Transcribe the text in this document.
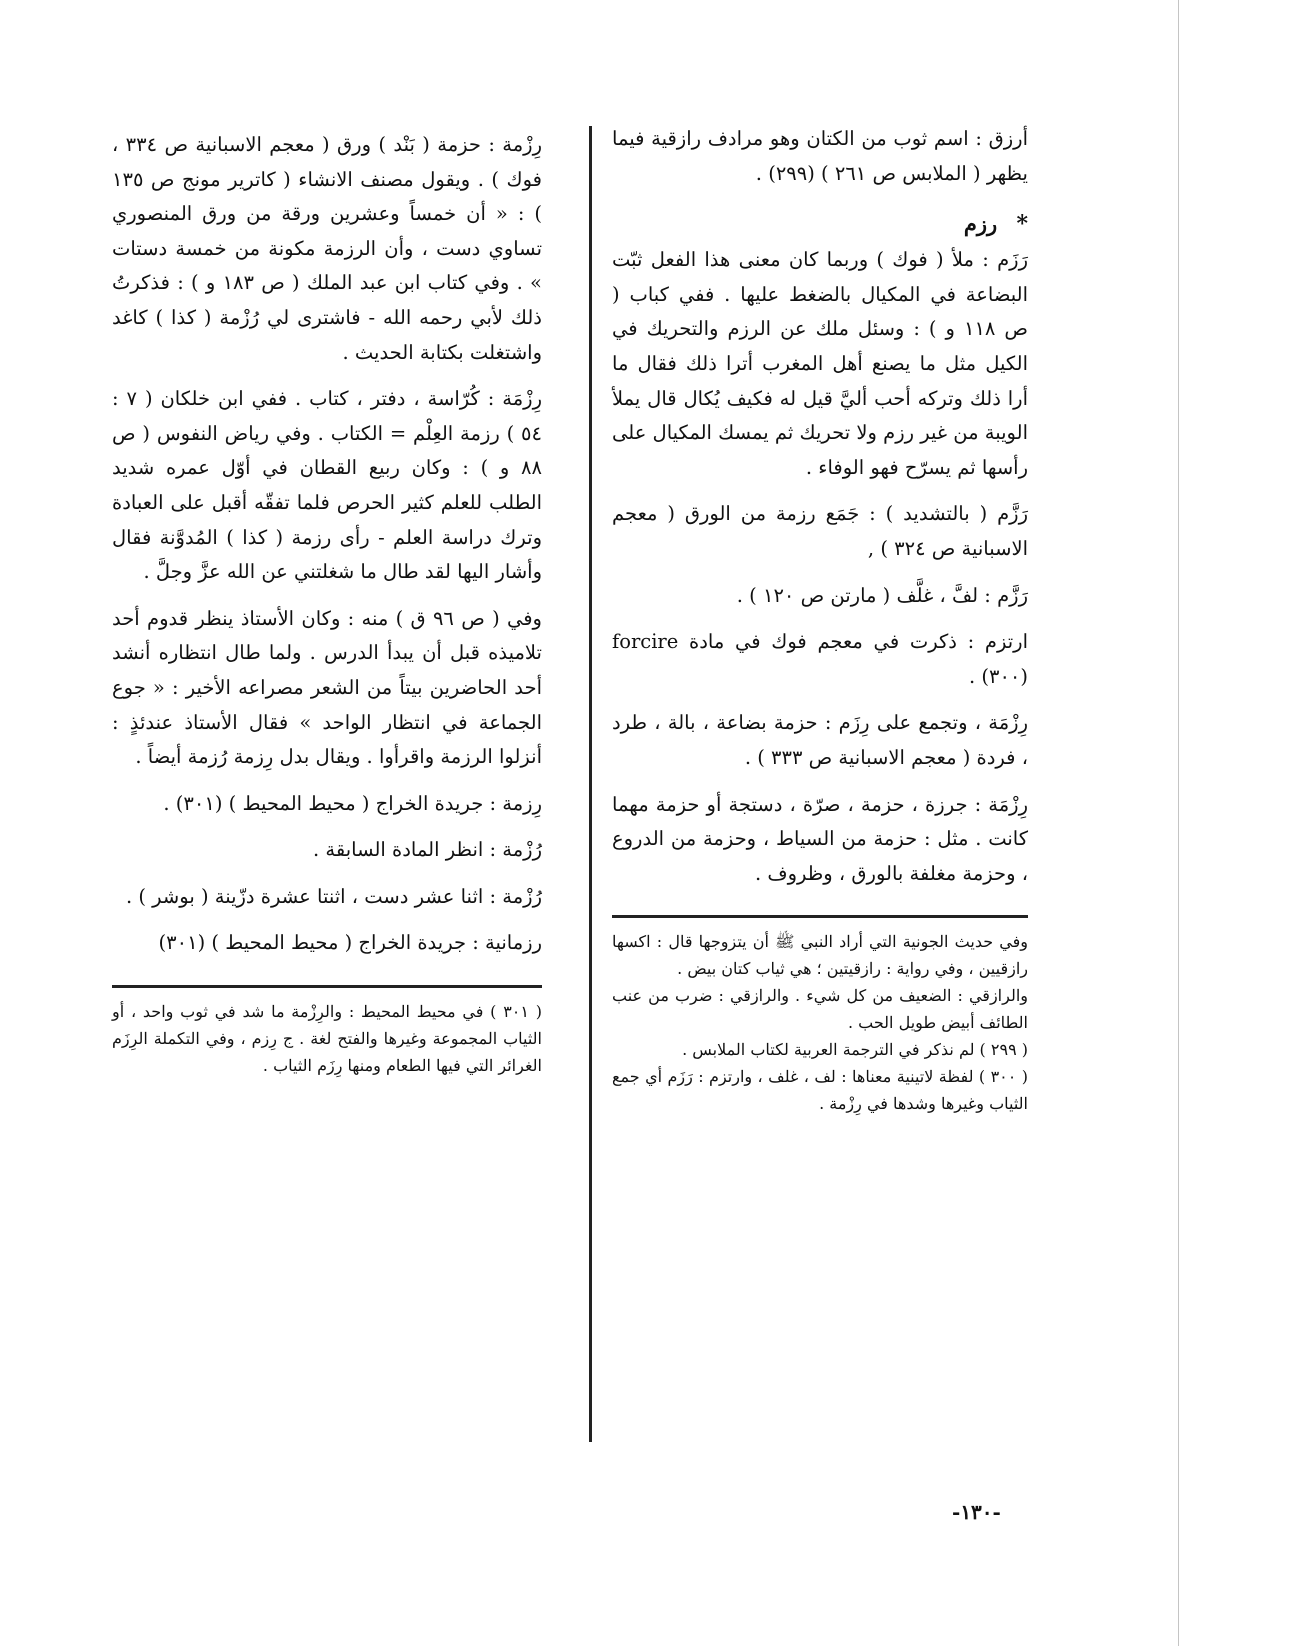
أرزق : اسم ثوب من الكتان وهو مرادف رازقية فيما يظهر ( الملابس ص ٢٦١ ) (٢٩٩) .

* رزم

رَزَم : ملأ ( فوك ) وربما كان معنى هذا الفعل ثبّت البضاعة في المكيال بالضغط عليها . ففي كباب ( ص ١١٨ و ) : وسئل ملك عن الرزم والتحريك في الكيل مثل ما يصنع أهل المغرب أترا ذلك فقال ما أرا ذلك وتركه أحب أليَّ قيل له فكيف يُكال قال يملأ الويبة من غير رزم ولا تحريك ثم يمسك المكيال على رأسها ثم يسرّح فهو الوفاء .

رَزَّم ( بالتشديد ) : جَمَع رزمة من الورق ( معجم الاسبانية ص ٣٢٤ ) ,

رَزَّم : لفَّ ، غلَّف ( مارتن ص ١٢٠ ) .

ارتزم : ذكرت في معجم فوك في مادة forcire (٣٠٠) .

رِزْمَة ، وتجمع على رِزَم : حزمة بضاعة ، بالة ، طرد ، فردة ( معجم الاسبانية ص ٣٣٣ ) .

رِزْمَة : جرزة ، حزمة ، صرّة ، دستجة أو حزمة مهما كانت . مثل : حزمة من السياط ، وحزمة من الدروع ، وحزمة مغلفة بالورق ، وظروف .

وفي حديث الجونية التي أراد النبي ﷺ أن يتزوجها قال : اكسها رازقيين ، وفي رواية : رازقيتين ؛ هي ثياب كتان بيض .

والرازقي : الضعيف من كل شيء . والرازقي : ضرب من عنب الطائف أبيض طويل الحب .

( ٢٩٩ ) لم نذكر في الترجمة العربية لكتاب الملابس .

( ٣٠٠ ) لفظة لاتينية معناها : لف ، غلف ، وارتزم : رَزَم أي جمع الثياب وغيرها وشدها في رِزْمة .

رِزْمة : حزمة ( بَنْد ) ورق ( معجم الاسبانية ص ٣٣٤ ، فوك ) . ويقول مصنف الانشاء ( كاترير مونج ص ١٣٥ ) : « أن خمساً وعشرين ورقة من ورق المنصوري تساوي دست ، وأن الرزمة مكونة من خمسة دستات » . وفي كتاب ابن عبد الملك ( ص ١٨٣ و ) : فذكرتُ ذلك لأبي رحمه الله - فاشترى لي رُزْمة ( كذا ) كاغد واشتغلت بكتابة الحديث .

رِزْمَة : كُرّاسة ، دفتر ، كتاب . ففي ابن خلكان ( ٧ : ٥٤ ) رزمة العِلْم = الكتاب . وفي رياض النفوس ( ص ٨٨ و ) : وكان ربيع القطان في أوّل عمره شديد الطلب للعلم كثير الحرص فلما تفقّه أقبل على العبادة وترك دراسة العلم - رأى رزمة ( كذا ) المُدوَّنة فقال وأشار اليها لقد طال ما شغلتني عن الله عزَّ وجلَّ .

وفي ( ص ٩٦ ق ) منه : وكان الأستاذ ينظر قدوم أحد تلاميذه قبل أن يبدأ الدرس . ولما طال انتظاره أنشد أحد الحاضرين بيتاً من الشعر مصراعه الأخير : « جوع الجماعة في انتظار الواحد » فقال الأستاذ عندئذٍ : أنزلوا الرزمة واقرأوا . ويقال بدل رِزمة رُزمة أيضاً .

رِزمة : جريدة الخراج ( محيط المحيط ) (٣٠١) .

رُزْمة : انظر المادة السابقة .

رُزْمة : اثنا عشر دست ، اثنتا عشرة دزّينة ( بوشر ) .

رزمانية : جريدة الخراج ( محيط المحيط ) (٣٠١)

( ٣٠١ ) في محيط المحيط : والرِزْمة ما شد في ثوب واحد ، أو الثياب المجموعة وغيرها والفتح لغة . ج رِزم ، وفي التكملة الرِزَم الغرائر التي فيها الطعام ومنها رِزَم الثياب .

-١٣٠-
